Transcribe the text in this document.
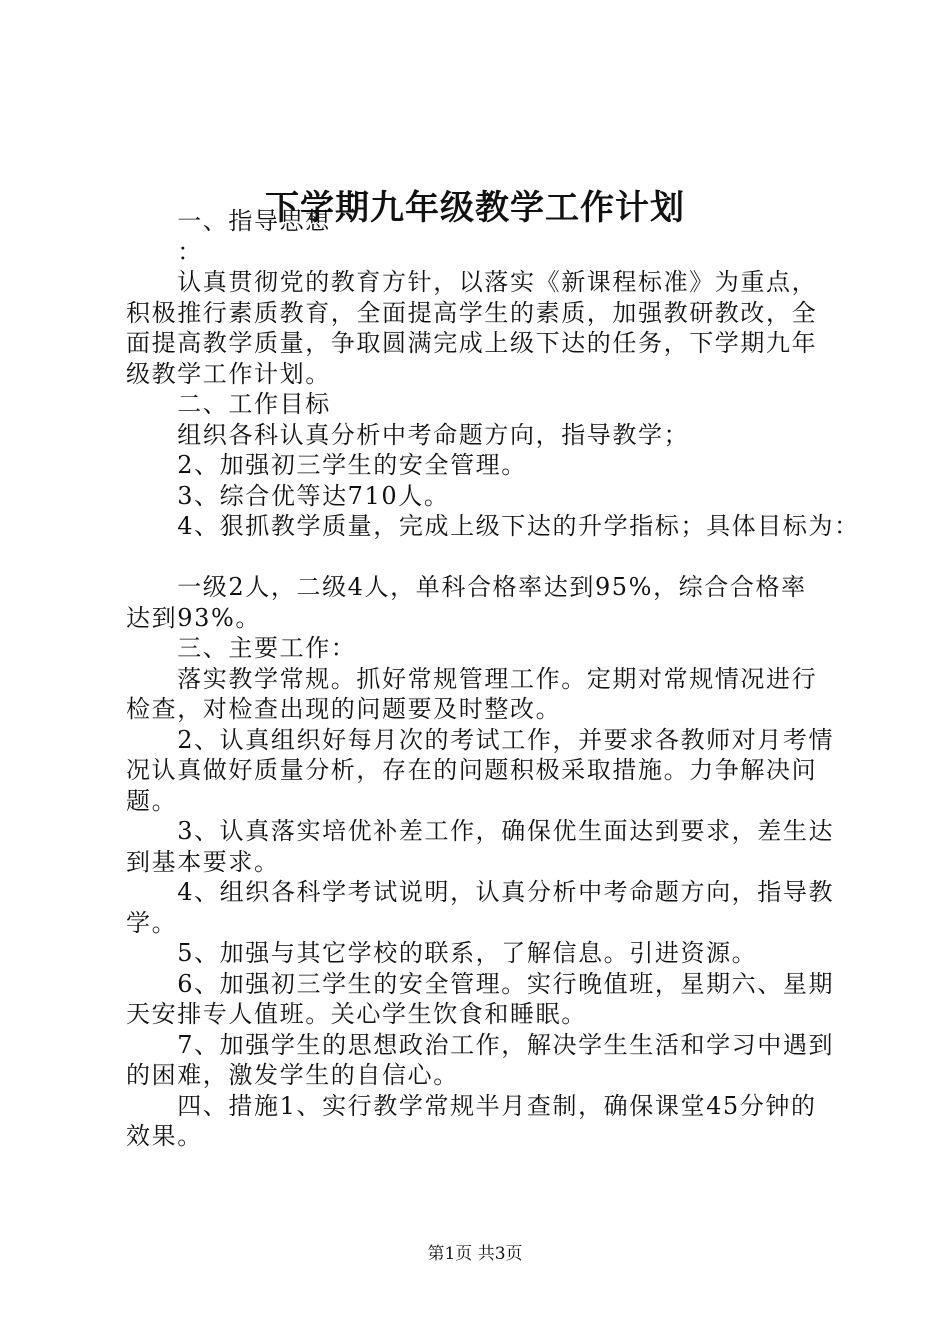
下学期九年级教学工作计划
　　一、指导思想
　　：
　　认真贯彻党的教育方针，以落实《新课程标准》为重点，
积极推行素质教育，全面提高学生的素质，加强教研教改，全
面提高教学质量，争取圆满完成上级下达的任务，下学期九年
级教学工作计划。
　　二、工作目标
　　组织各科认真分析中考命题方向，指导教学；
　　2、加强初三学生的安全管理。
　　3、综合优等达710人。
　　4、狠抓教学质量，完成上级下达的升学指标；具体目标为：
　　一级2人，二级4人，单科合格率达到95%，综合合格率
达到93%。
　　三、主要工作：
　　落实教学常规。抓好常规管理工作。定期对常规情况进行
检查，对检查出现的问题要及时整改。
　　2、认真组织好每月次的考试工作，并要求各教师对月考情
况认真做好质量分析，存在的问题积极采取措施。力争解决问
题。
　　3、认真落实培优补差工作，确保优生面达到要求，差生达
到基本要求。
　　4、组织各科学考试说明，认真分析中考命题方向，指导教
学。
　　5、加强与其它学校的联系，了解信息。引进资源。
　　6、加强初三学生的安全管理。实行晚值班，星期六、星期
天安排专人值班。关心学生饮食和睡眠。
　　7、加强学生的思想政治工作，解决学生生活和学习中遇到
的困难，激发学生的自信心。
　　四、措施1、实行教学常规半月查制，确保课堂45分钟的
效果。
第1页 共3页
